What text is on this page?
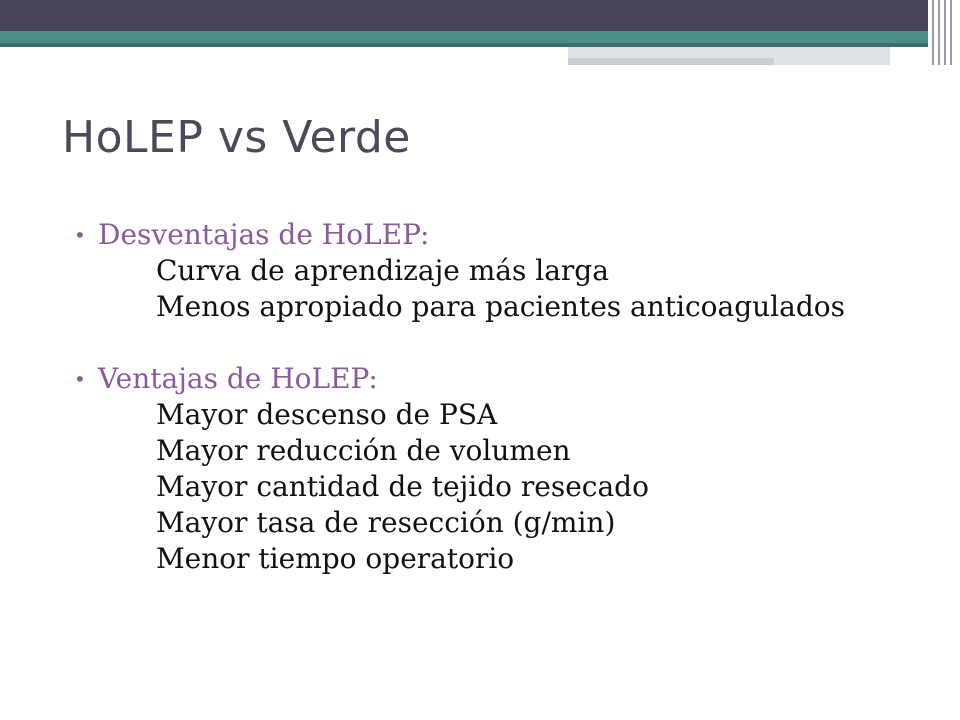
HoLEP vs Verde
• Desventajas de HoLEP:
Curva de aprendizaje más larga
Menos apropiado para pacientes anticoagulados
• Ventajas de HoLEP:
Mayor descenso de PSA
Mayor reducción de volumen
Mayor cantidad de tejido resecado
Mayor tasa de resección (g/min)
Menor tiempo operatorio
